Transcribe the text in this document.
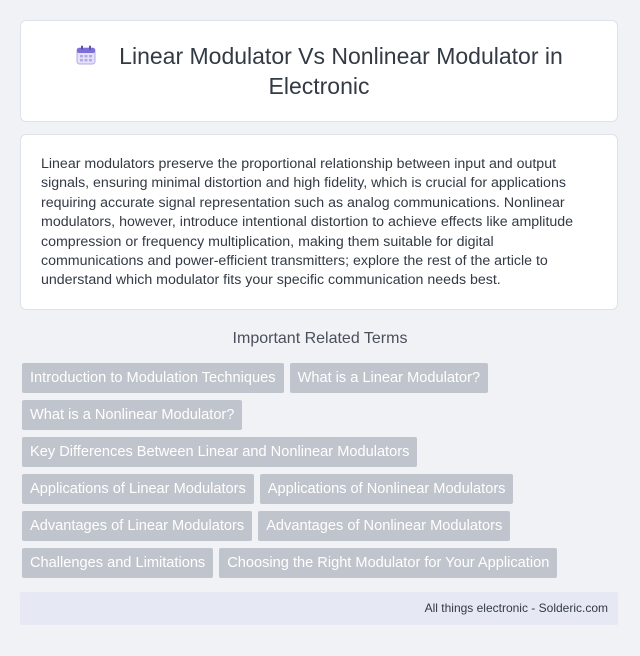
Linear Modulator Vs Nonlinear Modulator in Electronic

Linear modulators preserve the proportional relationship between input and output signals, ensuring minimal distortion and high fidelity, which is crucial for applications requiring accurate signal representation such as analog communications. Nonlinear modulators, however, introduce intentional distortion to achieve effects like amplitude compression or frequency multiplication, making them suitable for digital communications and power-efficient transmitters; explore the rest of the article to understand which modulator fits your specific communication needs best.

Important Related Terms
Introduction to Modulation Techniques	What is a Linear Modulator?
What is a Nonlinear Modulator?
Key Differences Between Linear and Nonlinear Modulators
Applications of Linear Modulators	Applications of Nonlinear Modulators
Advantages of Linear Modulators	Advantages of Nonlinear Modulators
Challenges and Limitations	Choosing the Right Modulator for Your Application
All things electronic - Solderic.com
